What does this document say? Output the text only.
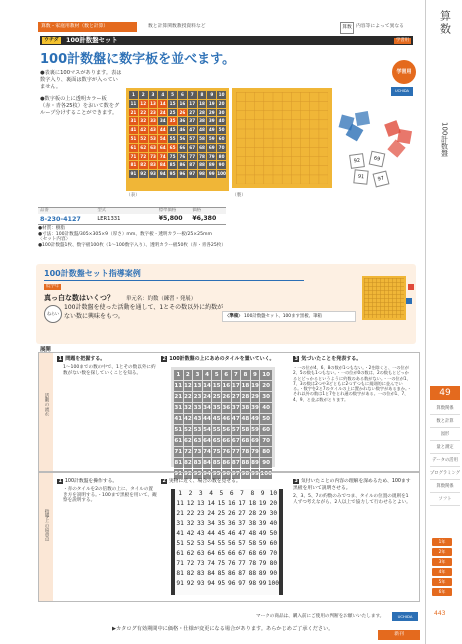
算数・家庭用教材（数と計算）	数と計算関数教授資料など	算数 内容等によって異なる
ウチダ	100計数盤セット	学習用
100計数盤に数字板を並べます。
●表裏に100マスがあります。表は数字入り、裏面は数字が入っていません。
●数字板の上に透明カラー板（赤・青各25枚）をおいて数をグループ分けすることができます。
1	2	3	4	5	6	7	8	9	10
11 12 13 14 15 16 17 18 19 20
21 22 23 24 25 26 27 28 29 30
31 32 33 34 35 36 37 38 39 40
41 42 43 44 45 46 47 48 49 50
51 52 53 54 55 56 57 58 59 60
61 62 63 64 65 66 67 68 69 70
71 72 73 74 75 76 77 78 79 80
81 82 83 84 85 86 87 88 89 90
91 92 93 94 95 96 97 98 99 100
（表）	（裏）
学習用
UCHIDA
92	69
91	97
品番	型式	標準価格	価格
8-230-4127	LER1331	¥5,800	¥6,380
●材質：樹脂
●寸法：100計数盤/305×305×9（厚さ）mm、数字板・透明カラー板/25×25mm
〈セット内容〉
●100計数盤1枚、数字板100枚（1〜100数字入り）、透明カラー板50枚（赤・青各25枚）
100計数盤セット指導案例
低学年
真っ白な数はいくつ？ 単元名：約数（練習・発展）
ねらい
100計数盤を使った活動を通して、1とその数以外に約数がない数に興味をもつ。	〈準備〉 100計数盤セット、100ます黒板、筆箱
展開
活動の流れ
1 問題を把握する。
1〜100までの数の中で、1とその数以外に約数がない数を探していくことを知る。
2 100計数盤の上にあめのタイルを置いていく。
1	2	3	4	5	6	7	8	9 10
11 12 13 14 15 16 17 18 19 20
21 22 23 24 25 26 27 28 29 30
31 32 33 34 35 36 37 38 39 40
41 42 43 44 45 46 47 48 49 50
51 52 53 54 55 56 57 58 59 60
61 62 63 64 65 66 67 68 69 70
71 72 73 74 75 76 77 78 79 80
81 82 83 84 85 86 87 88 89 90
91 92 93 94 95 96 97 98 99 100
3 気づいたことを発表する。
・一の位が4、6、8の数が1つもない。・2を除くと、一の位が2、5の数も1つもない。・一の位が0の数は、2の数もとどっかるとどっかるというように約数のある数がない。・一の位が1、7、3の数は2つや3どともに2つずつもに規則的に並んでいる。・数字を2と7のタイルの上に置かれない数字があるまか。・それ以外の数は1と7をとれ通の数字がある。一の位が1、7、4、9、と並ぶ数がとります。
指導上の留意点
1 100計数盤を操作する。
・赤のタイルを2の倍数の上に、タイルの置き方を説明する。・100まで黒板を用いて、観察を説明する。
2 実物に近く、場合の数を見せる。
1	2	3	4	5	6	7	8	9 10
11 12 13 14 15 16 17 18 19 20
21 22 23 24 25 26 27 28 29 30
31 32 33 34 35 36 37 38 39 40
41 42 43 44 45 46 47 48 49 50
51 52 53 54 55 56 57 58 59 60
61 62 63 64 65 66 67 68 69 70
71 72 73 74 75 76 77 78 79 80
81 82 83 84 85 86 87 88 89 90
91 92 93 94 95 96 97 98 99 100
3 気付いたことの内容の理解を深めるため、100ます黒板を用いて説明させる。
2、3、5、7の約数のみでつま、タイルの位置の規則を1人ずつ考えながら、2人以上で協力して行わせるとよい。
マークの商品は、購入前にご使用の判断をお願いいたします。	UCHIDA
▶カタログ有効期間中に価格・仕様が変更になる場合があります。あらかじめご了承ください。
新刊
算数
100計数盤
49
算数関係
数と計算
図形
量と測定
データの活用
プログラミング
算数関係
ソフト
1年
2年
3年
4年
5年
6年
443
